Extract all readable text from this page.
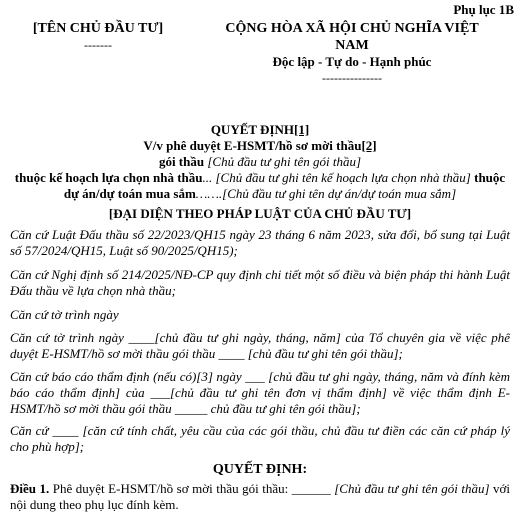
Phụ lục 1B
[TÊN CHỦ ĐẦU TƯ]
-------
CỘNG HÒA XÃ HỘI CHỦ NGHĨA VIỆT
NAM
Độc lập - Tự do - Hạnh phúc
---------------
QUYẾT ĐỊNH[1]
V/v phê duyệt E-HSMT/hồ sơ mời thầu[2]
gói thầu [Chủ đầu tư ghi tên gói thầu]
thuộc kế hoạch lựa chọn nhà thầu... [Chủ đầu tư ghi tên kế hoạch lựa chọn nhà thầu] thuộc dự án/dự toán mua sắm…….[Chủ đầu tư ghi tên dự án/dự toán mua sắm]
[ĐẠI DIỆN THEO PHÁP LUẬT CỦA CHỦ ĐẦU TƯ]
Căn cứ Luật Đấu thầu số 22/2023/QH15 ngày 23 tháng 6 năm 2023, sửa đổi, bổ sung tại Luật số 57/2024/QH15, Luật số 90/2025/QH15);
Căn cứ Nghị định số 214/2025/NĐ-CP quy định chi tiết một số điều và biện pháp thi hành Luật Đấu thầu về lựa chọn nhà thầu;
Căn cứ tờ trình ngày
Căn cứ tờ trình ngày ____[chủ đầu tư ghi ngày, tháng, năm] của Tổ chuyên gia về việc phê duyệt E-HSMT/hồ sơ mời thầu gói thầu ____ [chủ đầu tư ghi tên gói thầu];
Căn cứ báo cáo thẩm định (nếu có)[3] ngày ___ [chủ đầu tư ghi ngày, tháng, năm và đính kèm báo cáo thẩm định] của ___[chủ đầu tư ghi tên đơn vị thẩm định] về việc thẩm định E-HSMT/hồ sơ mời thầu gói thầu _____ chủ đầu tư ghi tên gói thầu];
Căn cứ ____ [căn cứ tính chất, yêu cầu của các gói thầu, chủ đầu tư điền các căn cứ pháp lý cho phù hợp];
QUYẾT ĐỊNH:
Điều 1. Phê duyệt E-HSMT/hồ sơ mời thầu gói thầu: ______ [Chủ đầu tư ghi tên gói thầu] với nội dung theo phụ lục đính kèm.
